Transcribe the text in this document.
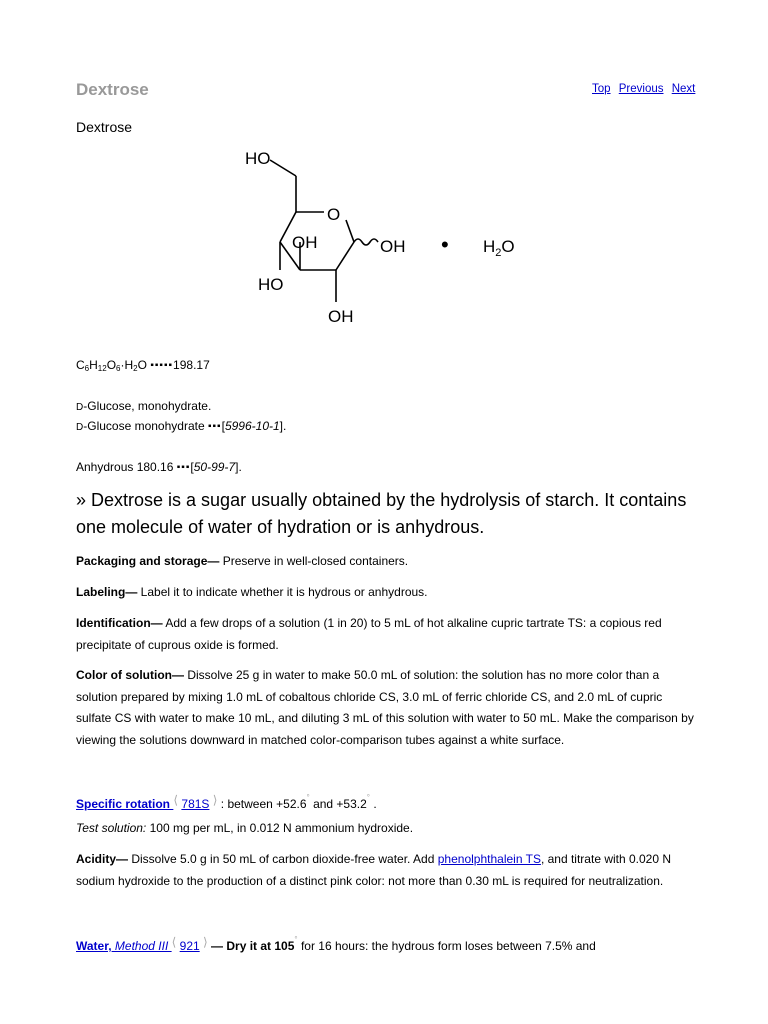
Dextrose	Top Previous Next
Dextrose
HO
O
OH	OH
HO
OH
• $H_2O$
$C_6H_{12}O_6\cdot H_2O$ ▪▪▪▪▪198.17
D-Glucose, monohydrate.
D-Glucose monohydrate ▪▪▪[5996-10-1].
Anhydrous 180.16 ▪▪▪[50-99-7].
» Dextrose is a sugar usually obtained by the hydrolysis of starch. It contains one molecule of water of hydration or is anhydrous.
Packaging and storage— Preserve in well-closed containers.
Labeling— Label it to indicate whether it is hydrous or anhydrous.
Identification— Add a few drops of a solution (1 in 20) to 5 mL of hot alkaline cupric tartrate TS: a copious red precipitate of cuprous oxide is formed.
Color of solution— Dissolve 25 g in water to make 50.0 mL of solution: the solution has no more color than a solution prepared by mixing 1.0 mL of cobaltous chloride CS, 3.0 mL of ferric chloride CS, and 2.0 mL of cupric sulfate CS with water to make 10 mL, and diluting 3 mL of this solution with water to 50 mL. Make the comparison by viewing the solutions downward in matched color-comparison tubes against a white surface.
Specific rotation ⟨ 781S ⟩ : between +52.6° and +53.2° .
Test solution: 100 mg per mL, in 0.012 N ammonium hydroxide.
Acidity— Dissolve 5.0 g in 50 mL of carbon dioxide-free water. Add phenolphthalein TS, and titrate with 0.020 N sodium hydroxide to the production of a distinct pink color: not more than 0.30 mL is required for neutralization.
Water, Method III ⟨ 921 ⟩ — Dry it at 105° for 16 hours: the hydrous form loses between 7.5% and
